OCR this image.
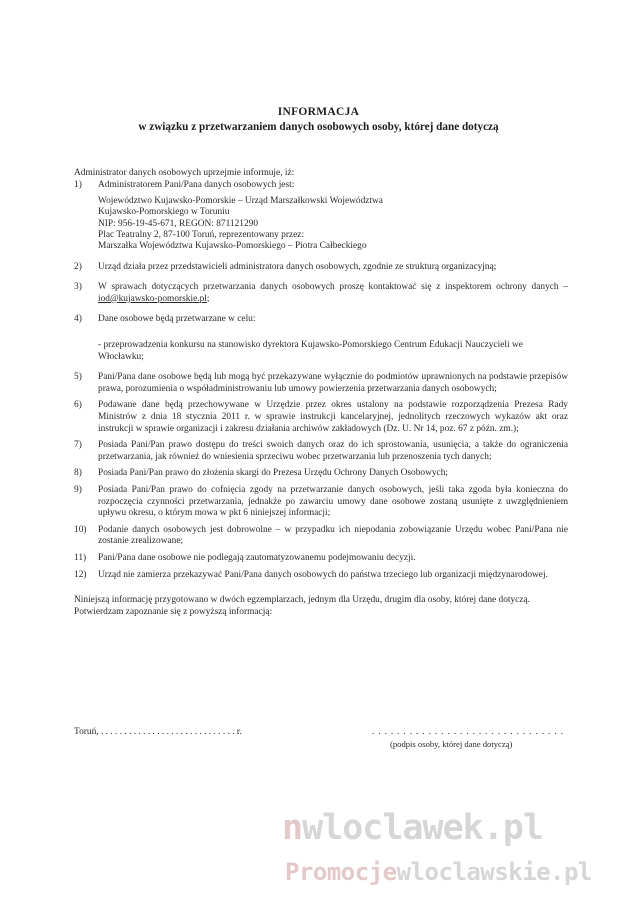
INFORMACJA
w związku z przetwarzaniem danych osobowych osoby, której dane dotyczą

Administrator danych osobowych uprzejmie informuje, iż:

1)	Administratorem Pani/Pana danych osobowych jest:
Województwo Kujawsko-Pomorskie – Urząd Marszałkowski Województwa
Kujawsko-Pomorskiego w Toruniu
NIP: 956-19-45-671, REGON: 871121290
Plac Teatralny 2, 87-100 Toruń, reprezentowany przez:
Marszałka Województwa Kujawsko-Pomorskiego – Piotra Całbeckiego
2)	Urząd działa przez przedstawicieli administratora danych osobowych, zgodnie ze strukturą organizacyjną;
3)	W sprawach dotyczących przetwarzania danych osobowych proszę kontaktować się z inspektorem ochrony danych – iod@kujawsko-pomorskie.pl;
4)	Dane osobowe będą przetwarzane w celu:
- przeprowadzenia konkursu na stanowisko dyrektora Kujawsko-Pomorskiego Centrum Edukacji Nauczycieli we Włocławku;
5)	Pani/Pana dane osobowe będą lub mogą być przekazywane wyłącznie do podmiotów uprawnionych na podstawie przepisów prawa, porozumienia o współadministrowaniu lub umowy powierzenia przetwarzania danych osobowych;
6)	Podawane dane będą przechowywane w Urzędzie przez okres ustalony na podstawie rozporządzenia Prezesa Rady Ministrów z dnia 18 stycznia 2011 r. w sprawie instrukcji kancelaryjnej, jednolitych rzeczowych wykazów akt oraz instrukcji w sprawie organizacji i zakresu działania archiwów zakładowych (Dz. U. Nr 14, poz. 67 z późn. zm.);
7)	Posiada Pani/Pan prawo dostępu do treści swoich danych oraz do ich sprostowania, usunięcia, a także do ograniczenia przetwarzania, jak również do wniesienia sprzeciwu wobec przetwarzania lub przenoszenia tych danych;
8)	Posiada Pani/Pan prawo do złożenia skargi do Prezesa Urzędu Ochrony Danych Osobowych;
9)	Posiada Pani/Pan prawo do cofnięcia zgody na przetwarzanie danych osobowych, jeśli taka zgoda była konieczna do rozpoczęcia czynności przetwarzania, jednakże po zawarciu umowy dane osobowe zostaną usunięte z uwzględnieniem upływu okresu, o którym mowa w pkt 6 niniejszej informacji;
10)	Podanie danych osobowych jest dobrowolne – w przypadku ich niepodania zobowiązanie Urzędu wobec Pani/Pana nie zostanie zrealizowane;
11)	Pani/Pana dane osobowe nie podlegają zautomatyzowanemu podejmowaniu decyzji.
12)	Urząd nie zamierza przekazywać Pani/Pana danych osobowych do państwa trzeciego lub organizacji międzynarodowej.

Niniejszą informację przygotowano w dwóch egzemplarzach, jednym dla Urzędu, drugim dla osoby, której dane dotyczą.

Potwierdzam zapoznanie się z powyższą informacją:

Toruń, . . . . . . . . . . . . . . . . . . . . . . . . . . . . . r.	. . . . . . . . . . . . . . . . . . . . . . . . . . . . . . .
(podpis osoby, której dane dotyczą)
nwloclawek.pl
Promocjewloclawskie.pl
